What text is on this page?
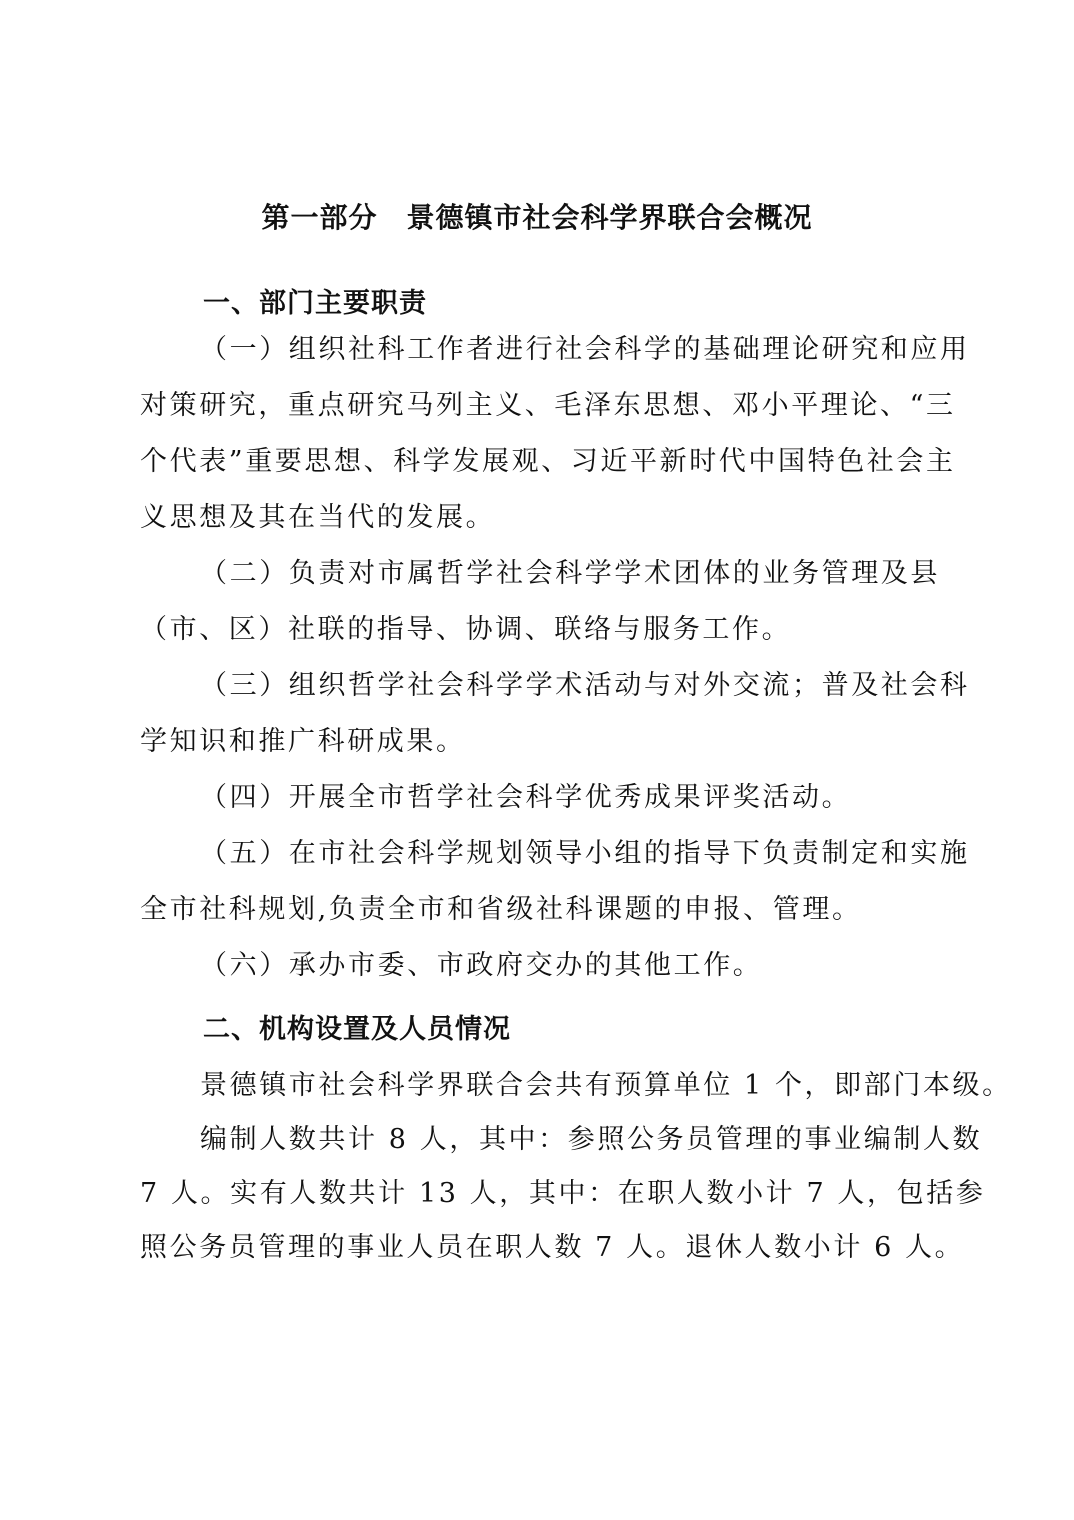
第一部分　景德镇市社会科学界联合会概况
一、部门主要职责
（一）组织社科工作者进行社会科学的基础理论研究和应用
对策研究，重点研究马列主义、毛泽东思想、邓小平理论、“三
个代表”重要思想、科学发展观、习近平新时代中国特色社会主
义思想及其在当代的发展。
（二）负责对市属哲学社会科学学术团体的业务管理及县
（市、区）社联的指导、协调、联络与服务工作。
（三）组织哲学社会科学学术活动与对外交流；普及社会科
学知识和推广科研成果。
（四）开展全市哲学社会科学优秀成果评奖活动。
（五）在市社会科学规划领导小组的指导下负责制定和实施
全市社科规划,负责全市和省级社科课题的申报、管理。
（六）承办市委、市政府交办的其他工作。
二、机构设置及人员情况
景德镇市社会科学界联合会共有预算单位 1 个，即部门本级。
编制人数共计 8 人，其中：参照公务员管理的事业编制人数
7 人。实有人数共计 13 人，其中：在职人数小计 7 人，包括参
照公务员管理的事业人员在职人数 7 人。退休人数小计 6 人。
